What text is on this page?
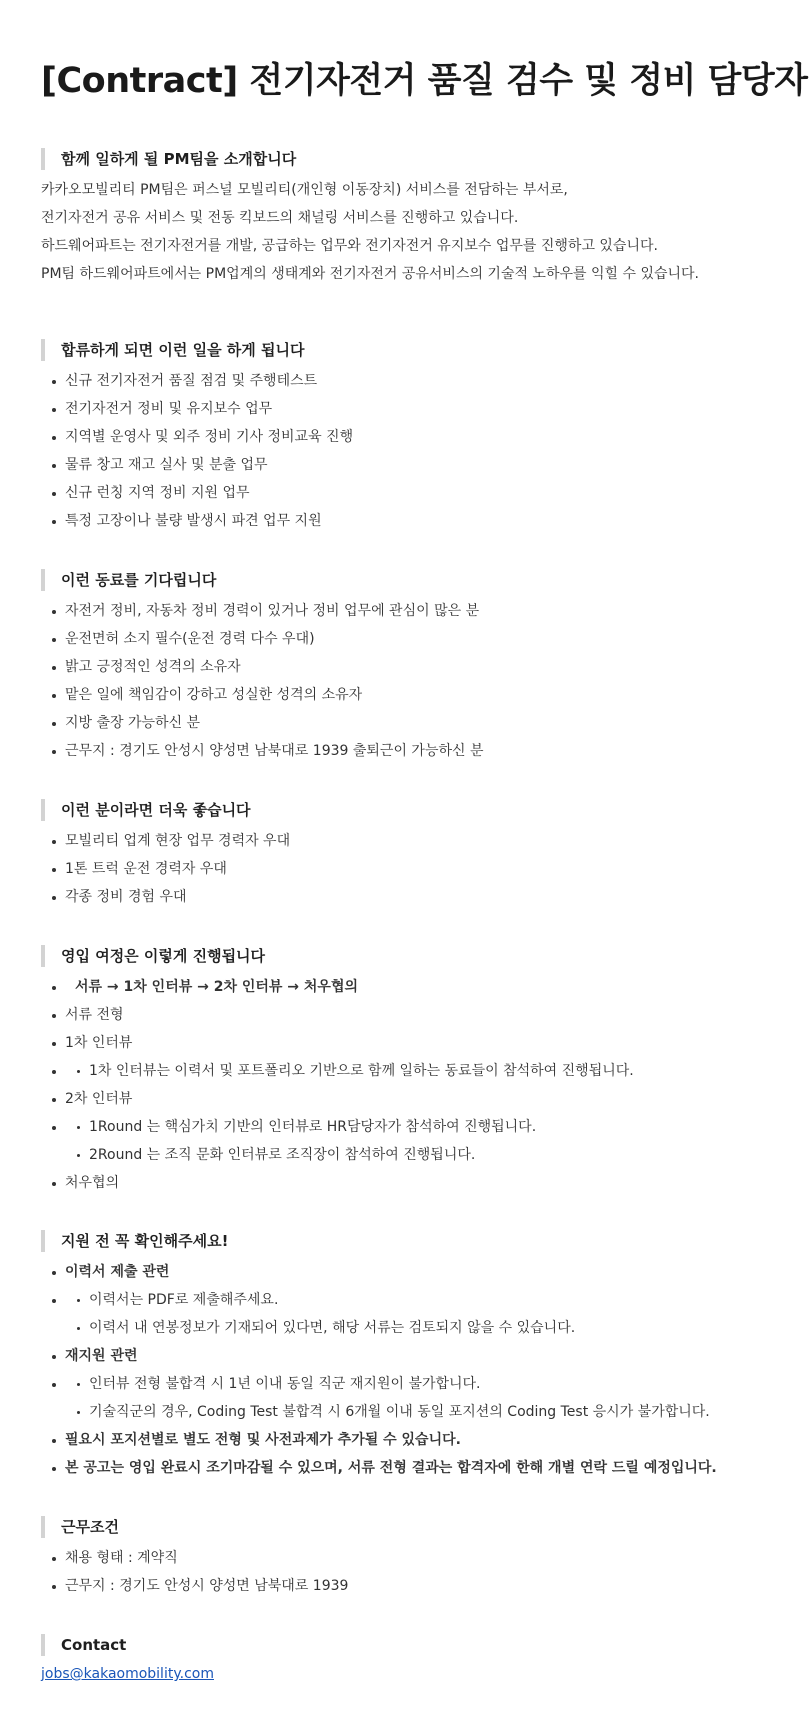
[Contract] 전기자전거 품질 검수 및 정비 담당자
함께 일하게 될 PM팀을 소개합니다

카카오모빌리티 PM팀은 퍼스널 모빌리티(개인형 이동장치) 서비스를 전담하는 부서로,

전기자전거 공유 서비스 및 전동 킥보드의 채널링 서비스를 진행하고 있습니다.

하드웨어파트는 전기자전거를 개발, 공급하는 업무와 전기자전거 유지보수 업무를 진행하고 있습니다.

PM팀 하드웨어파트에서는 PM업계의 생태계와 전기자전거 공유서비스의 기술적 노하우를 익힐 수 있습니다.

합류하게 되면 이런 일을 하게 됩니다
신규 전기자전거 품질 점검 및 주행테스트
전기자전거 정비 및 유지보수 업무
지역별 운영사 및 외주 정비 기사 정비교육 진행
물류 창고 재고 실사 및 분출 업무
신규 런칭 지역 정비 지원 업무
특정 고장이나 불량 발생시 파견 업무 지원
이런 동료를 기다립니다
자전거 정비, 자동차 정비 경력이 있거나 정비 업무에 관심이 많은 분
운전면허 소지 필수(운전 경력 다수 우대)
밝고 긍정적인 성격의 소유자
맡은 일에 책임감이 강하고 성실한 성격의 소유자
지방 출장 가능하신 분
근무지 : 경기도 안성시 양성면 남북대로 1939 출퇴근이 가능하신 분
이런 분이라면 더욱 좋습니다
모빌리티 업계 현장 업무 경력자 우대
1톤 트럭 운전 경력자 우대
각종 정비 경험 우대
영입 여정은 이렇게 진행됩니다
서류 → 1차 인터뷰 → 2차 인터뷰 → 처우협의
서류 전형
1차 인터뷰
1차 인터뷰는 이력서 및 포트폴리오 기반으로 함께 일하는 동료들이 참석하여 진행됩니다.
2차 인터뷰
1Round 는 핵심가치 기반의 인터뷰로 HR담당자가 참석하여 진행됩니다.
2Round 는 조직 문화 인터뷰로 조직장이 참석하여 진행됩니다.
처우협의
지원 전 꼭 확인해주세요!
이력서 제출 관련
이력서는 PDF로 제출해주세요.
이력서 내 연봉정보가 기재되어 있다면, 해당 서류는 검토되지 않을 수 있습니다.
재지원 관련
인터뷰 전형 불합격 시 1년 이내 동일 직군 재지원이 불가합니다.
기술직군의 경우, Coding Test 불합격 시 6개월 이내 동일 포지션의 Coding Test 응시가 불가합니다.
필요시 포지션별로 별도 전형 및 사전과제가 추가될 수 있습니다.
본 공고는 영입 완료시 조기마감될 수 있으며, 서류 전형 결과는 합격자에 한해 개별 연락 드릴 예정입니다.
근무조건
채용 형태 : 계약직
근무지 : 경기도 안성시 양성면 남북대로 1939
Contact
jobs@kakaomobility.com
